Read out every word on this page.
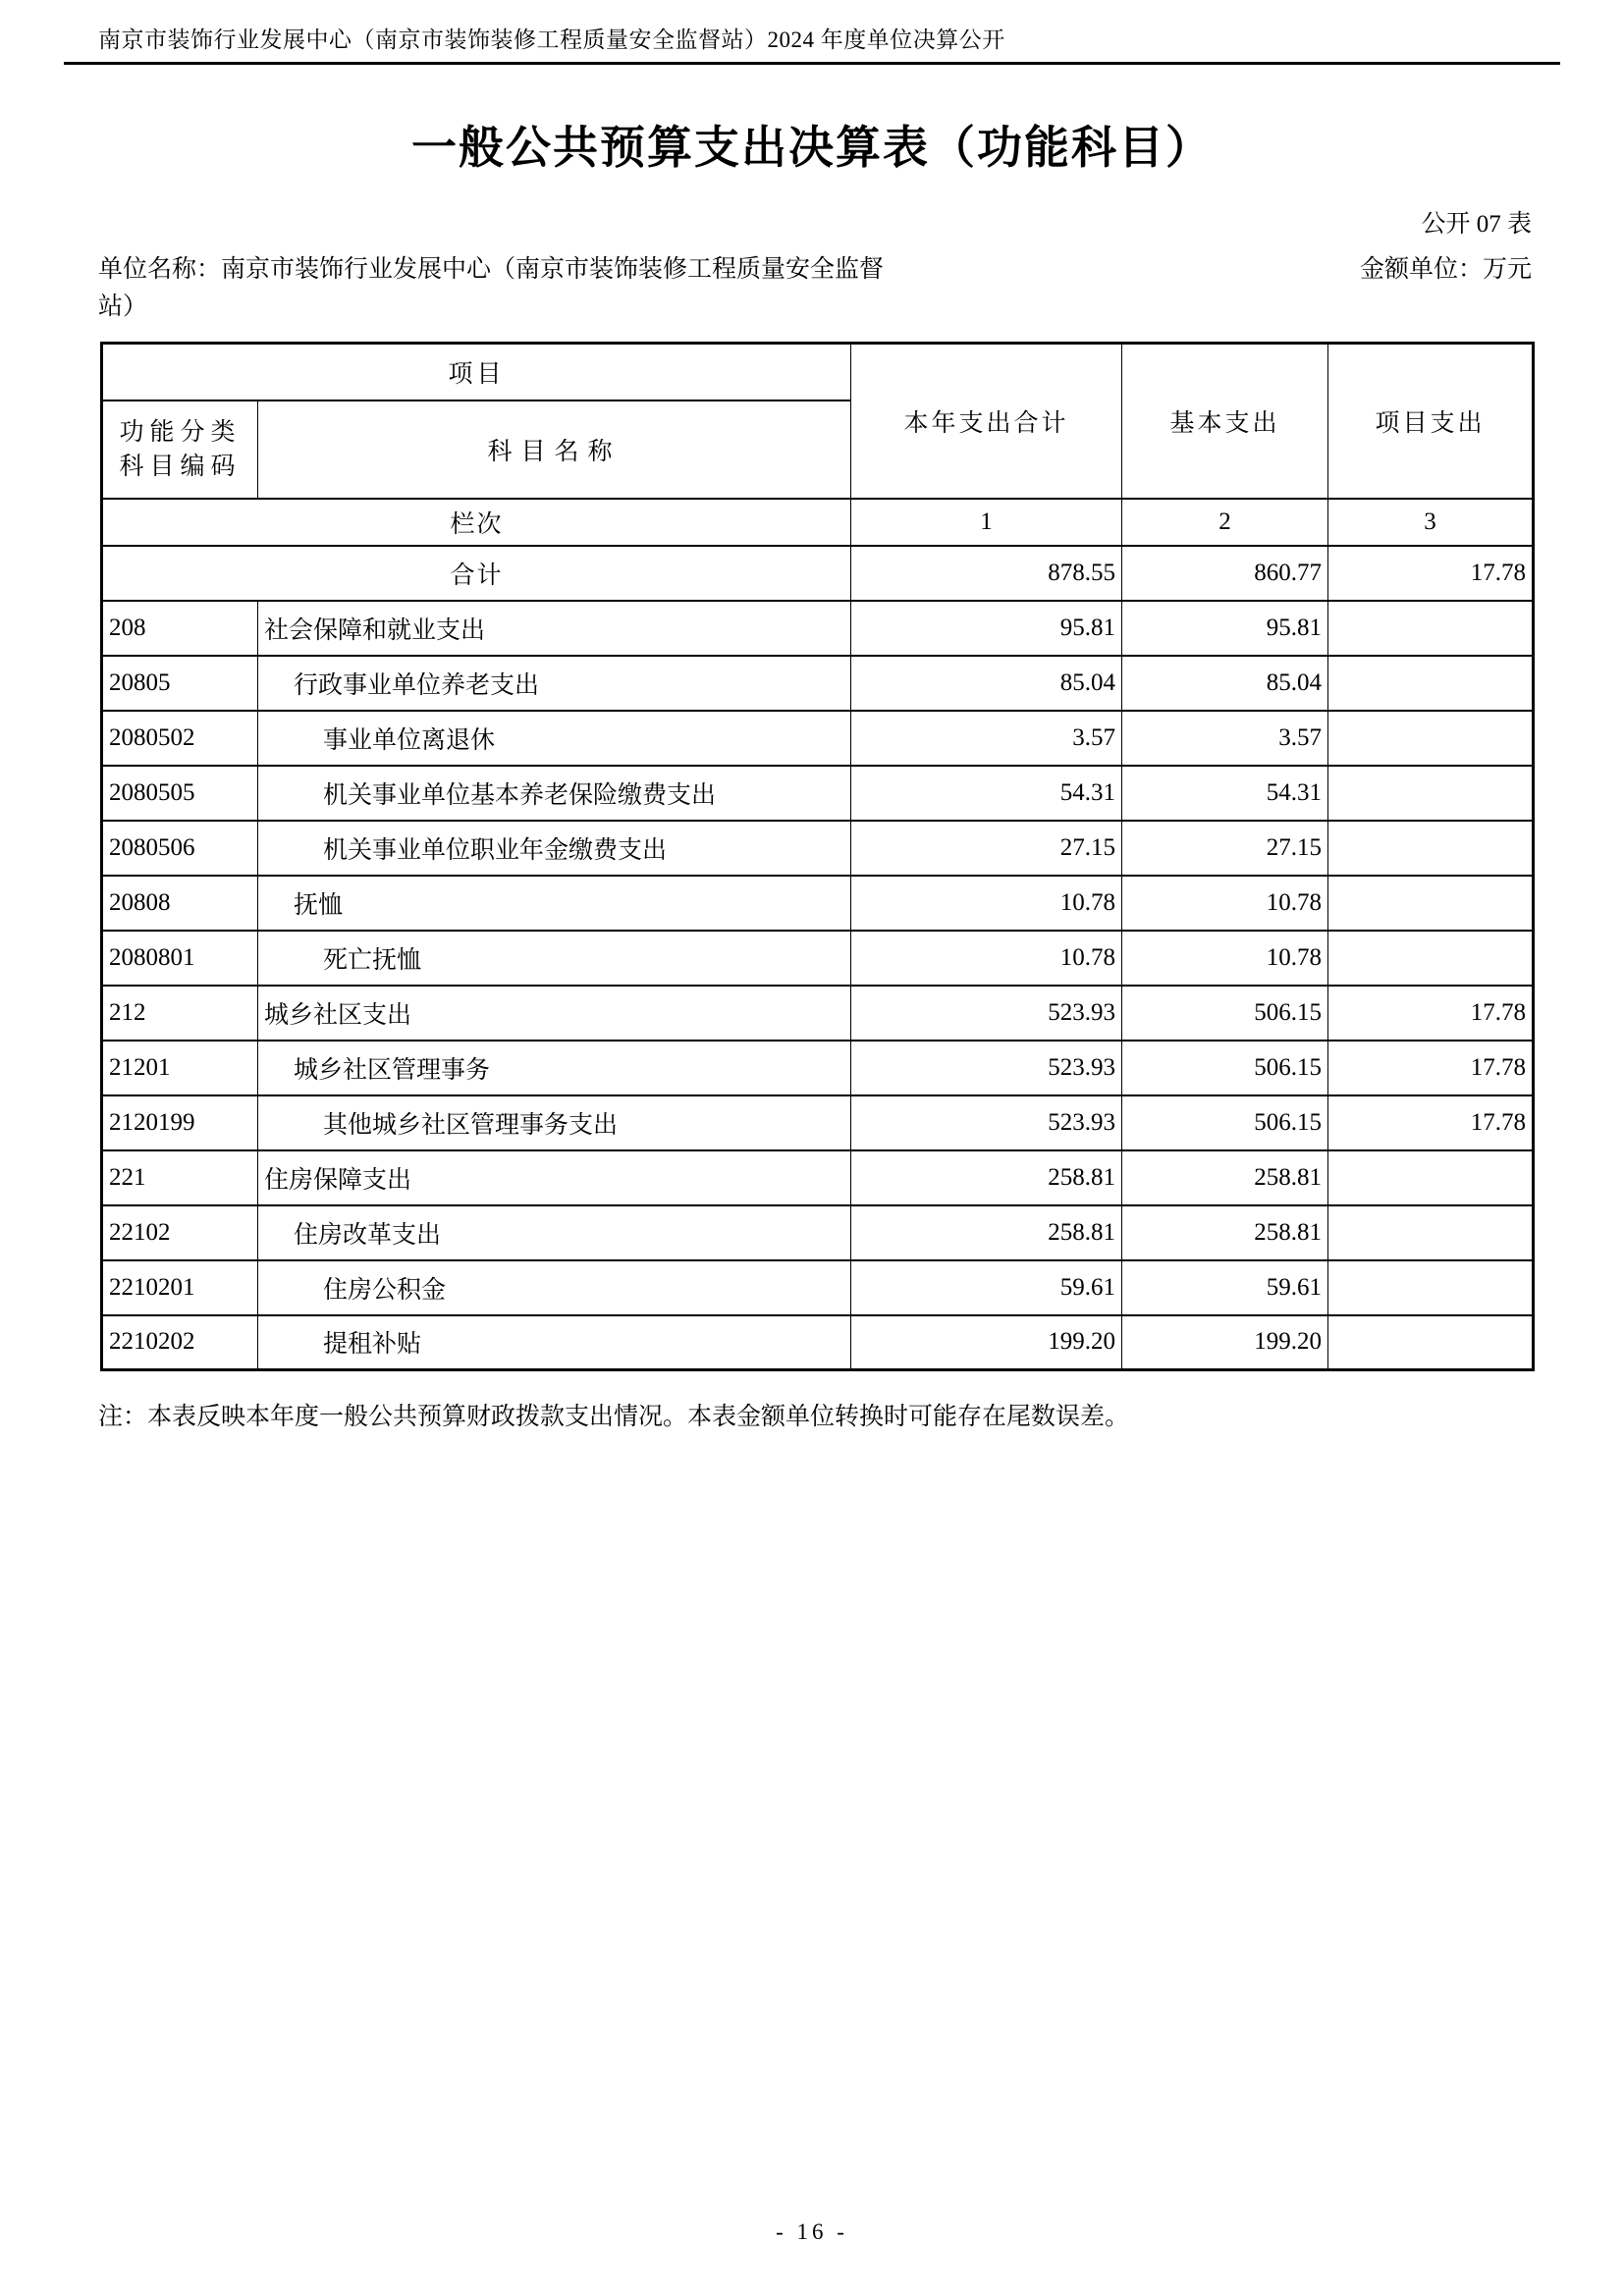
南京市装饰行业发展中心（南京市装饰装修工程质量安全监督站）2024 年度单位决算公开
一般公共预算支出决算表（功能科目）
公开 07 表
单位名称：南京市装饰行业发展中心（南京市装饰装修工程质量安全监督
站）
金额单位：万元
项目		本年支出合计	基本支出	项目支出
功能分类
科目编码	科目名称			
栏次		1	2	3
合计		878.55	860.77	17.78
208	社会保障和就业支出	95.81	95.81	
20805	行政事业单位养老支出	85.04	85.04	
2080502	事业单位离退休	3.57	3.57	
2080505	机关事业单位基本养老保险缴费支出	54.31	54.31	
2080506	机关事业单位职业年金缴费支出	27.15	27.15	
20808	抚恤	10.78	10.78	
2080801	死亡抚恤	10.78	10.78	
212	城乡社区支出	523.93	506.15	17.78
21201	城乡社区管理事务	523.93	506.15	17.78
2120199	其他城乡社区管理事务支出	523.93	506.15	17.78
221	住房保障支出	258.81	258.81	
22102	住房改革支出	258.81	258.81	
2210201	住房公积金	59.61	59.61	
2210202	提租补贴	199.20	199.20	

注：本表反映本年度一般公共预算财政拨款支出情况。本表金额单位转换时可能存在尾数误差。

- 16 -
